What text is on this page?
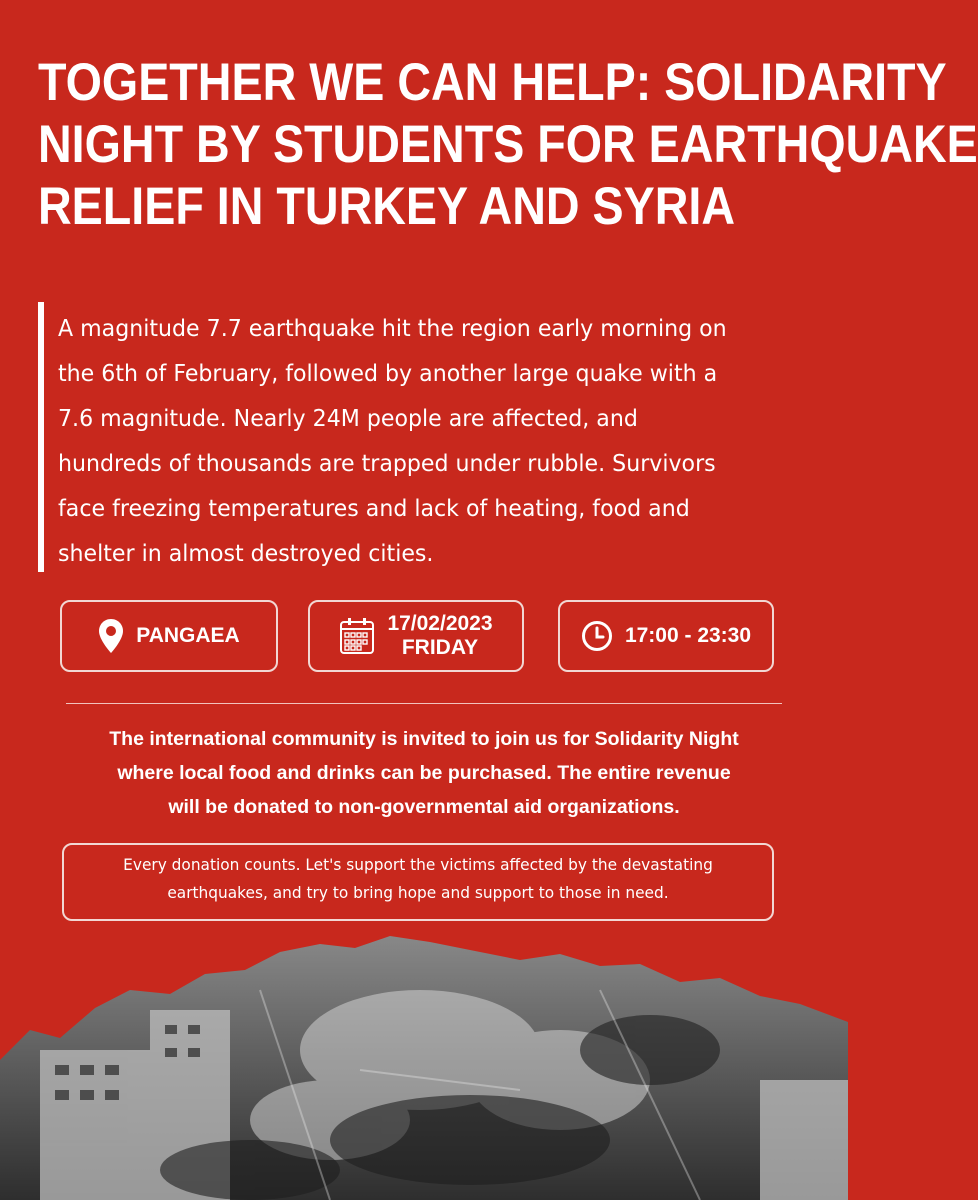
TOGETHER WE CAN HELP: SOLIDARITY
NIGHT BY STUDENTS FOR EARTHQUAKE
RELIEF IN TURKEY AND SYRIA

A magnitude 7.7 earthquake hit the region early morning on
the 6th of February, followed by another large quake with a
7.6 magnitude. Nearly 24M people are affected, and
hundreds of thousands are trapped under rubble. Survivors
face freezing temperatures and lack of heating, food and
shelter in almost destroyed cities.

PANGAEA
17/02/2023
FRIDAY
17:00 - 23:30

The international community is invited to join us for Solidarity Night
where local food and drinks can be purchased. The entire revenue
will be donated to non-governmental aid organizations.

Every donation counts. Let's support the victims affected by the devastating
earthquakes, and try to bring hope and support to those in need.
